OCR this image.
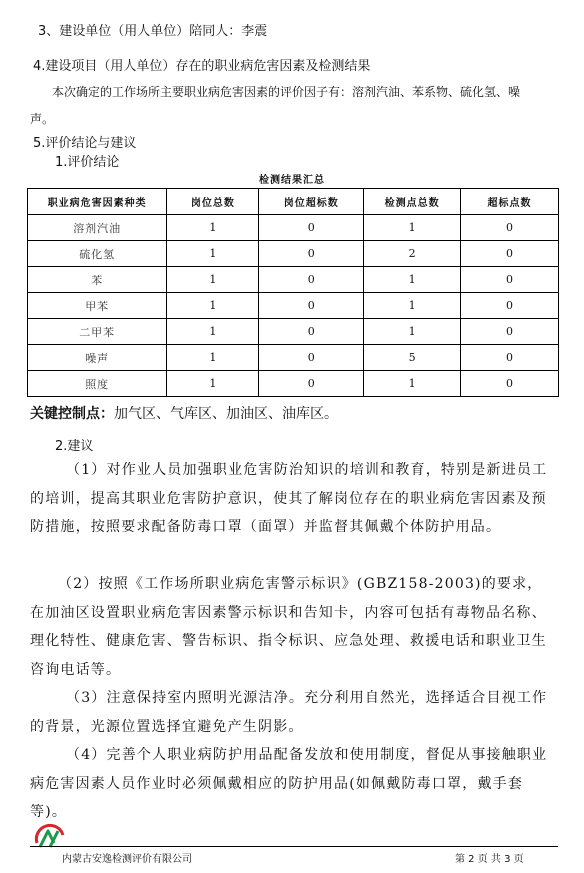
3、建设单位（用人单位）陪同人：李震
4.建设项目（用人单位）存在的职业病危害因素及检测结果
本次确定的工作场所主要职业病危害因素的评价因子有：溶剂汽油、苯系物、硫化氢、噪
声。
5.评价结论与建议
1.评价结论
检测结果汇总
职业病危害因素种类	岗位总数	岗位超标数	检测点总数	超标点数
溶剂汽油	1	0	1	0
硫化氢	1	0	2	0
苯	1	0	1	0
甲苯	1	0	1	0
二甲苯	1	0	1	0
噪声	1	0	5	0
照度	1	0	1	0
关键控制点：加气区、气库区、加油区、油库区。
2.建议
（1）对作业人员加强职业危害防治知识的培训和教育，特别是新进员工的培训，提高其职业危害防护意识，使其了解岗位存在的职业病危害因素及预防措施，按照要求配备防毒口罩（面罩）并监督其佩戴个体防护用品。
（2）按照《工作场所职业病危害警示标识》(GBZ158-2003)的要求，在加油区设置职业病危害因素警示标识和告知卡，内容可包括有毒物品名称、理化特性、健康危害、警告标识、指令标识、应急处理、救援电话和职业卫生咨询电话等。
（3）注意保持室内照明光源洁净。充分利用自然光，选择适合目视工作的背景，光源位置选择宜避免产生阴影。
（4）完善个人职业病防护用品配备发放和使用制度，督促从事接触职业病危害因素人员作业时必须佩戴相应的防护用品(如佩戴防毒口罩，戴手套等)。
内蒙古安逸检测评价有限公司	第 2 页 共 3 页
